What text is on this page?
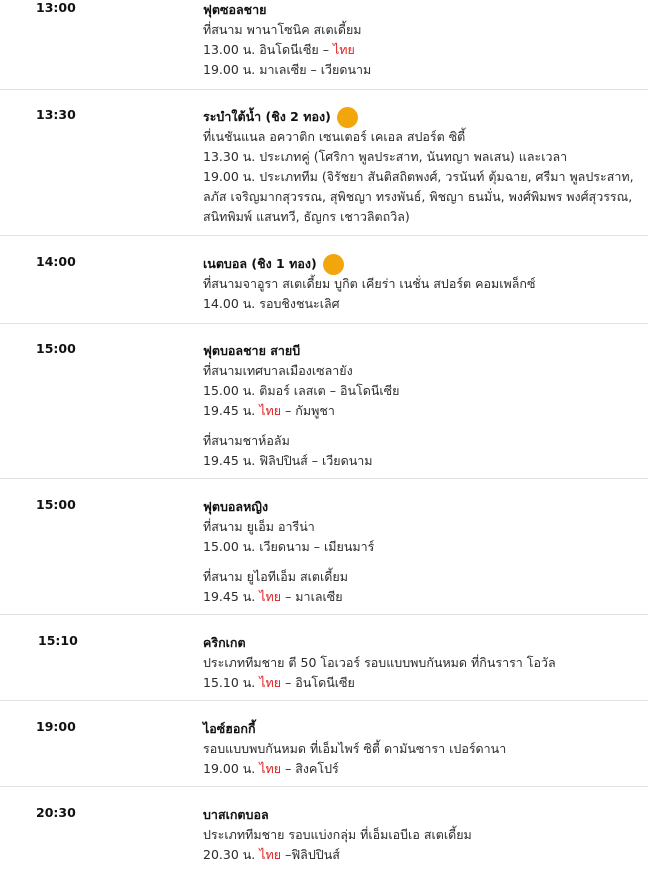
13:00	ฟุตซอลชาย
ที่สนาม พานาโซนิค สเตเดี้ยม
13.00 น. อินโดนีเซีย – ไทย
19.00 น. มาเลเซีย – เวียดนาม
13:30	ระบำใต้น้ำ (ชิง 2 ทอง)
ที่เนชันแนล อควาติก เซนเตอร์ เคเอล สปอร์ต ซิตี้
13.30 น. ประเภทคู่ (โศริกา พูลประสาท, นันทญา พลเสน) และเวลา
19.00 น. ประเภททีม (จิรัชยา สันติสถิตพงศ์, วรนันท์ ตุ้มฉาย, ศรีมา พูลประสาท, ลภัส เจริญมากสุวรรณ, สุพิชญา ทรงพันธ์, พิชญา ธนมั่น, พงศ์พิมพร พงศ์สุวรรณ, สนิทพิมพ์ แสนทวี, ธัญกร เชาวลิตถวิล)
14:00	เนตบอล (ชิง 1 ทอง)
ที่สนามจาอูรา สเตเดี้ยม บูกิต เคียร่า เนชั่น สปอร์ต คอมเพล็กซ์
14.00 น. รอบชิงชนะเลิศ
15:00	ฟุตบอลชาย สายบี
ที่สนามเทศบาลเมืองเซลายัง
15.00 น. ติมอร์ เลสเต – อินโดนีเซีย
19.45 น. ไทย – กัมพูชา
ที่สนามชาห์อลัม
19.45 น. ฟิลิปปินส์ – เวียดนาม
15:00	ฟุตบอลหญิง
ที่สนาม ยูเอ็ม อารีน่า
15.00 น. เวียดนาม – เมียนมาร์
ที่สนาม ยูไอทีเอ็ม สเตเดี้ยม
19.45 น. ไทย – มาเลเซีย
15:10	คริกเกต
ประเภททีมชาย ตี 50 โอเวอร์ รอบแบบพบกันหมด ที่กินรารา โอวัล
15.10 น. ไทย – อินโดนีเซีย
19:00	ไอซ์ฮอกกี้
รอบแบบพบกันหมด ที่เอ็มไพร์ ซิตี้ ดามันซารา เปอร์ดานา
19.00 น. ไทย – สิงคโปร์
20:30	บาสเกตบอล
ประเภททีมชาย รอบแบ่งกลุ่ม ที่เอ็มเอบีเอ สเตเดี้ยม
20.30 น. ไทย –ฟิลิปปินส์
